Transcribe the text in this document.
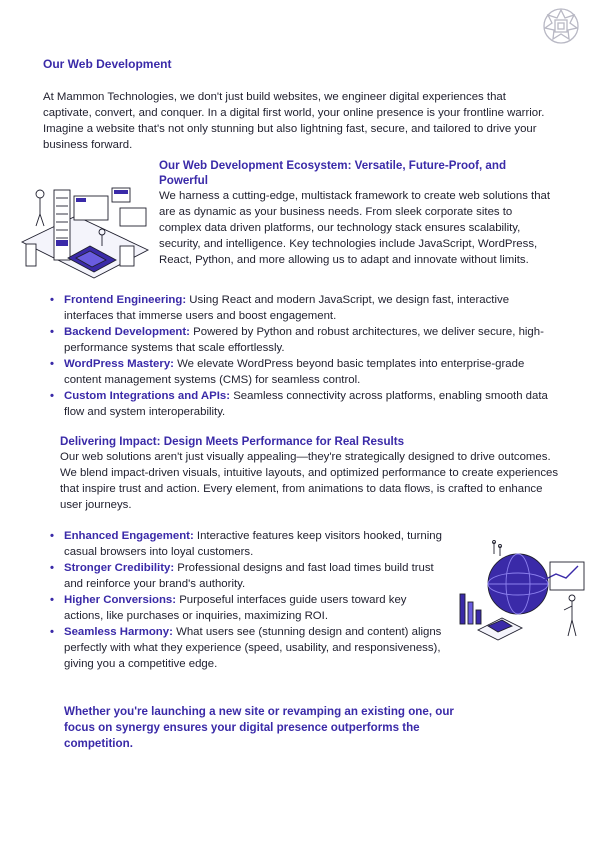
Our Web Development
At Mammon Technologies, we don't just build websites, we engineer digital experiences that captivate, convert, and conquer. In a digital first world, your online presence is your frontline warrior. Imagine a website that's not only stunning but also lightning fast, secure, and tailored to drive your business forward.
Our Web Development Ecosystem: Versatile, Future-Proof, and Powerful
We harness a cutting-edge, multistack framework to create web solutions that are as dynamic as your business needs. From sleek corporate sites to complex data driven platforms, our technology stack ensures scalability, security, and intelligence. Key technologies include JavaScript, WordPress, React, Python, and more allowing us to adapt and innovate without limits.
• Frontend Engineering: Using React and modern JavaScript, we design fast, interactive interfaces that immerse users and boost engagement.
• Backend Development: Powered by Python and robust architectures, we deliver secure, high-performance systems that scale effortlessly.
• WordPress Mastery: We elevate WordPress beyond basic templates into enterprise-grade content management systems (CMS) for seamless control.
• Custom Integrations and APIs: Seamless connectivity across platforms, enabling smooth data flow and system interoperability.
Delivering Impact: Design Meets Performance for Real Results
Our web solutions aren't just visually appealing—they're strategically designed to drive outcomes. We blend impact-driven visuals, intuitive layouts, and optimized performance to create experiences that inspire trust and action. Every element, from animations to data flows, is crafted to enhance user journeys.
• Enhanced Engagement: Interactive features keep visitors hooked, turning casual browsers into loyal customers.
• Stronger Credibility: Professional designs and fast load times build trust and reinforce your brand's authority.
• Higher Conversions: Purposeful interfaces guide users toward key actions, like purchases or inquiries, maximizing ROI.
• Seamless Harmony: What users see (stunning design and content) aligns perfectly with what they experience (speed, usability, and responsiveness), giving you a competitive edge.
Whether you're launching a new site or revamping an existing one, our focus on synergy ensures your digital presence outperforms the competition.
